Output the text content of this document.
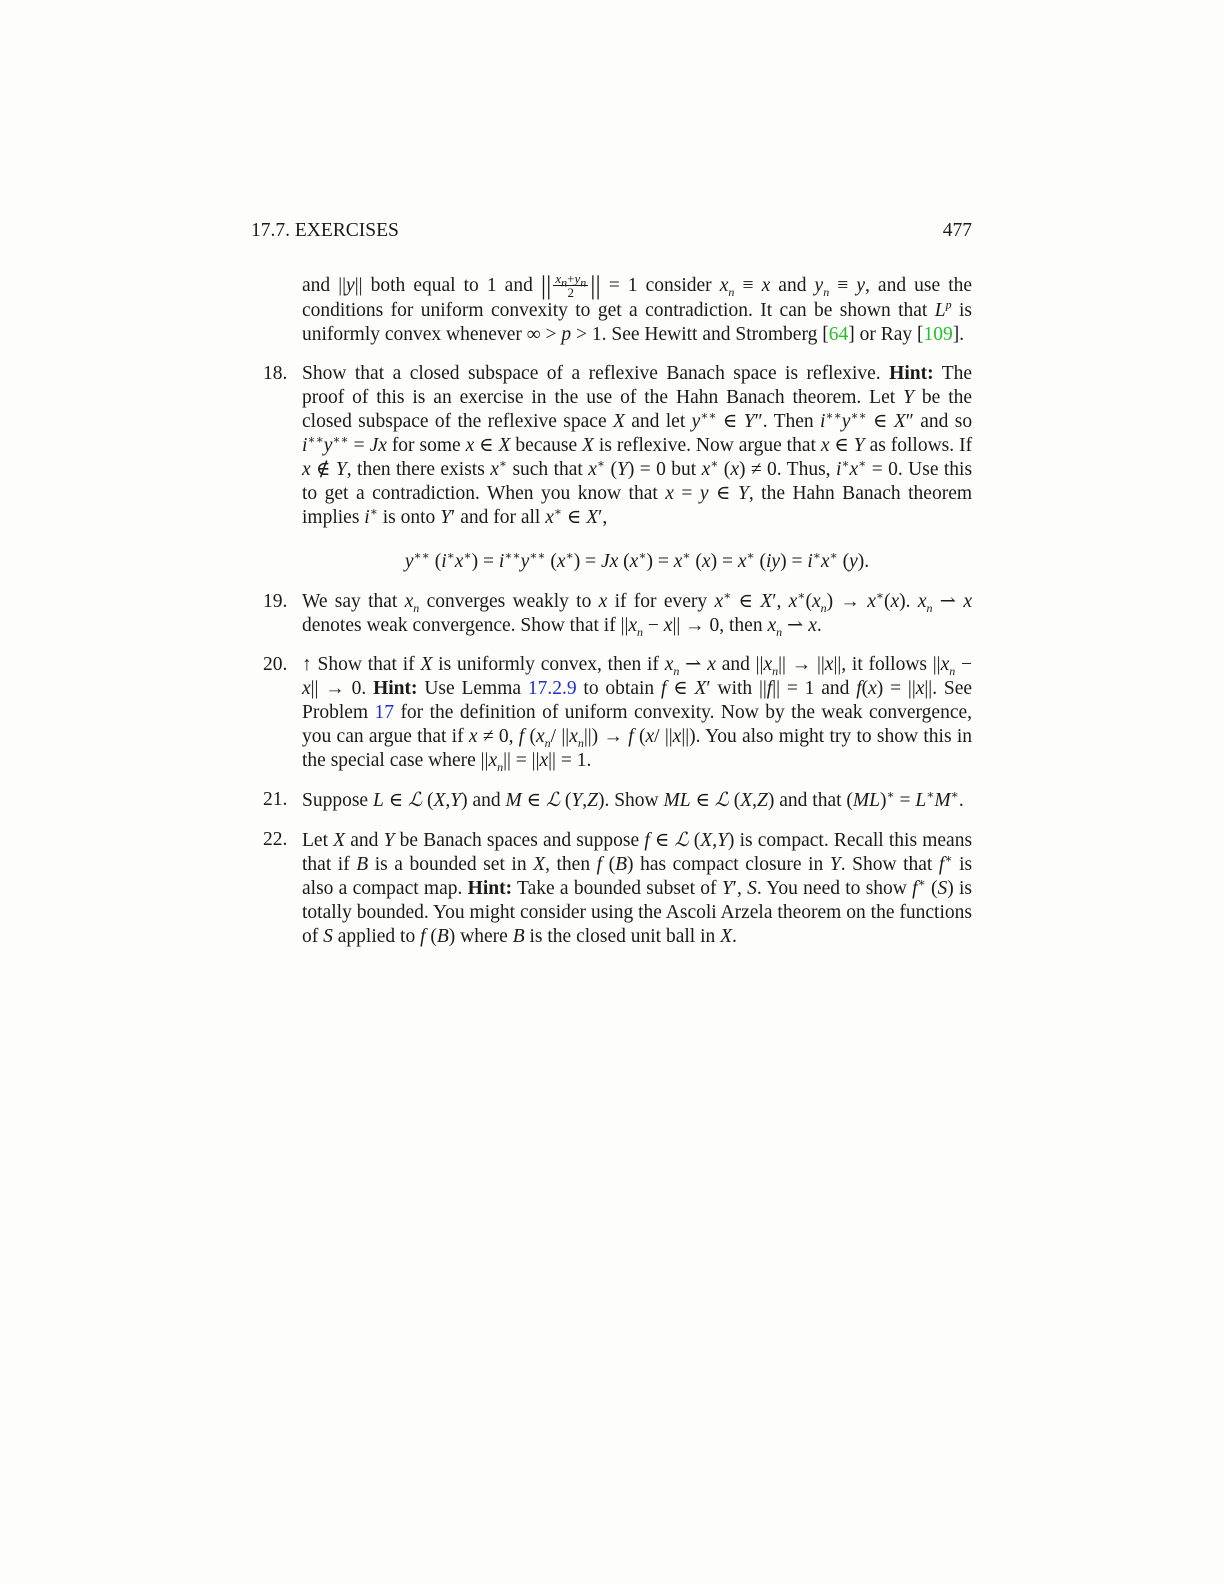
17.7. EXERCISES	477

and ||y|| both equal to 1 and || $\frac{x_n+y_n}{2}$ || = 1 consider $x_n \equiv x$ and $y_n \equiv y$, and use the conditions for uniform convexity to get a contradiction. It can be shown that $L^p$ is uniformly convex whenever ∞ > p > 1. See Hewitt and Stromberg [64] or Ray [109].

18. Show that a closed subspace of a reflexive Banach space is reflexive. Hint: The proof of this is an exercise in the use of the Hahn Banach theorem. Let Y be the closed subspace of the reflexive space X and let y∗∗ ∈ Y″. Then i∗∗y∗∗ ∈ X″ and so i∗∗y∗∗ = Jx for some x ∈ X because X is reflexive. Now argue that x ∈ Y as follows. If x ∉ Y, then there exists x∗ such that x∗ (Y) = 0 but x∗ (x) ≠ 0. Thus, i∗x∗ = 0. Use this to get a contradiction. When you know that x = y ∈ Y, the Hahn Banach theorem implies i∗ is onto Y′ and for all x∗ ∈ X′,
y∗∗ (i∗x∗) = i∗∗y∗∗ (x∗) = Jx (x∗) = x∗ (x) = x∗ (iy) = i∗x∗ (y).
19. We say that $x_n$ converges weakly to x if for every x∗ ∈ X′, $x^∗(x_n) \to x^∗(x)$. $x_n$ ⇀ x denotes weak convergence. Show that if $||x_n - x|| \to 0$, then $x_n$ ⇀ x.
20. ↑ Show that if X is uniformly convex, then if $x_n$ ⇀ x and $||x_n|| \to ||x||$, it follows $||x_n - x|| \to 0$. Hint: Use Lemma 17.2.9 to obtain f ∈ X′ with ||f|| = 1 and f(x) = ||x||. See Problem 17 for the definition of uniform convexity. Now by the weak convergence, you can argue that if x ≠ 0, f ($x_n/$ $||x_n||) \to f$ (x/ ||x||). You also might try to show this in the special case where $||x_n|| = ||x|| = 1$.
21. Suppose L ∈ ℒ (X,Y) and M ∈ ℒ (Y,Z). Show ML ∈ ℒ (X,Z) and that (ML)∗ = L∗M∗.
22. Let X and Y be Banach spaces and suppose f ∈ ℒ (X,Y) is compact. Recall this means that if B is a bounded set in X, then f (B) has compact closure in Y. Show that f∗ is also a compact map. Hint: Take a bounded subset of Y′, S. You need to show f∗ (S) is totally bounded. You might consider using the Ascoli Arzela theorem on the functions of S applied to f (B) where B is the closed unit ball in X.
